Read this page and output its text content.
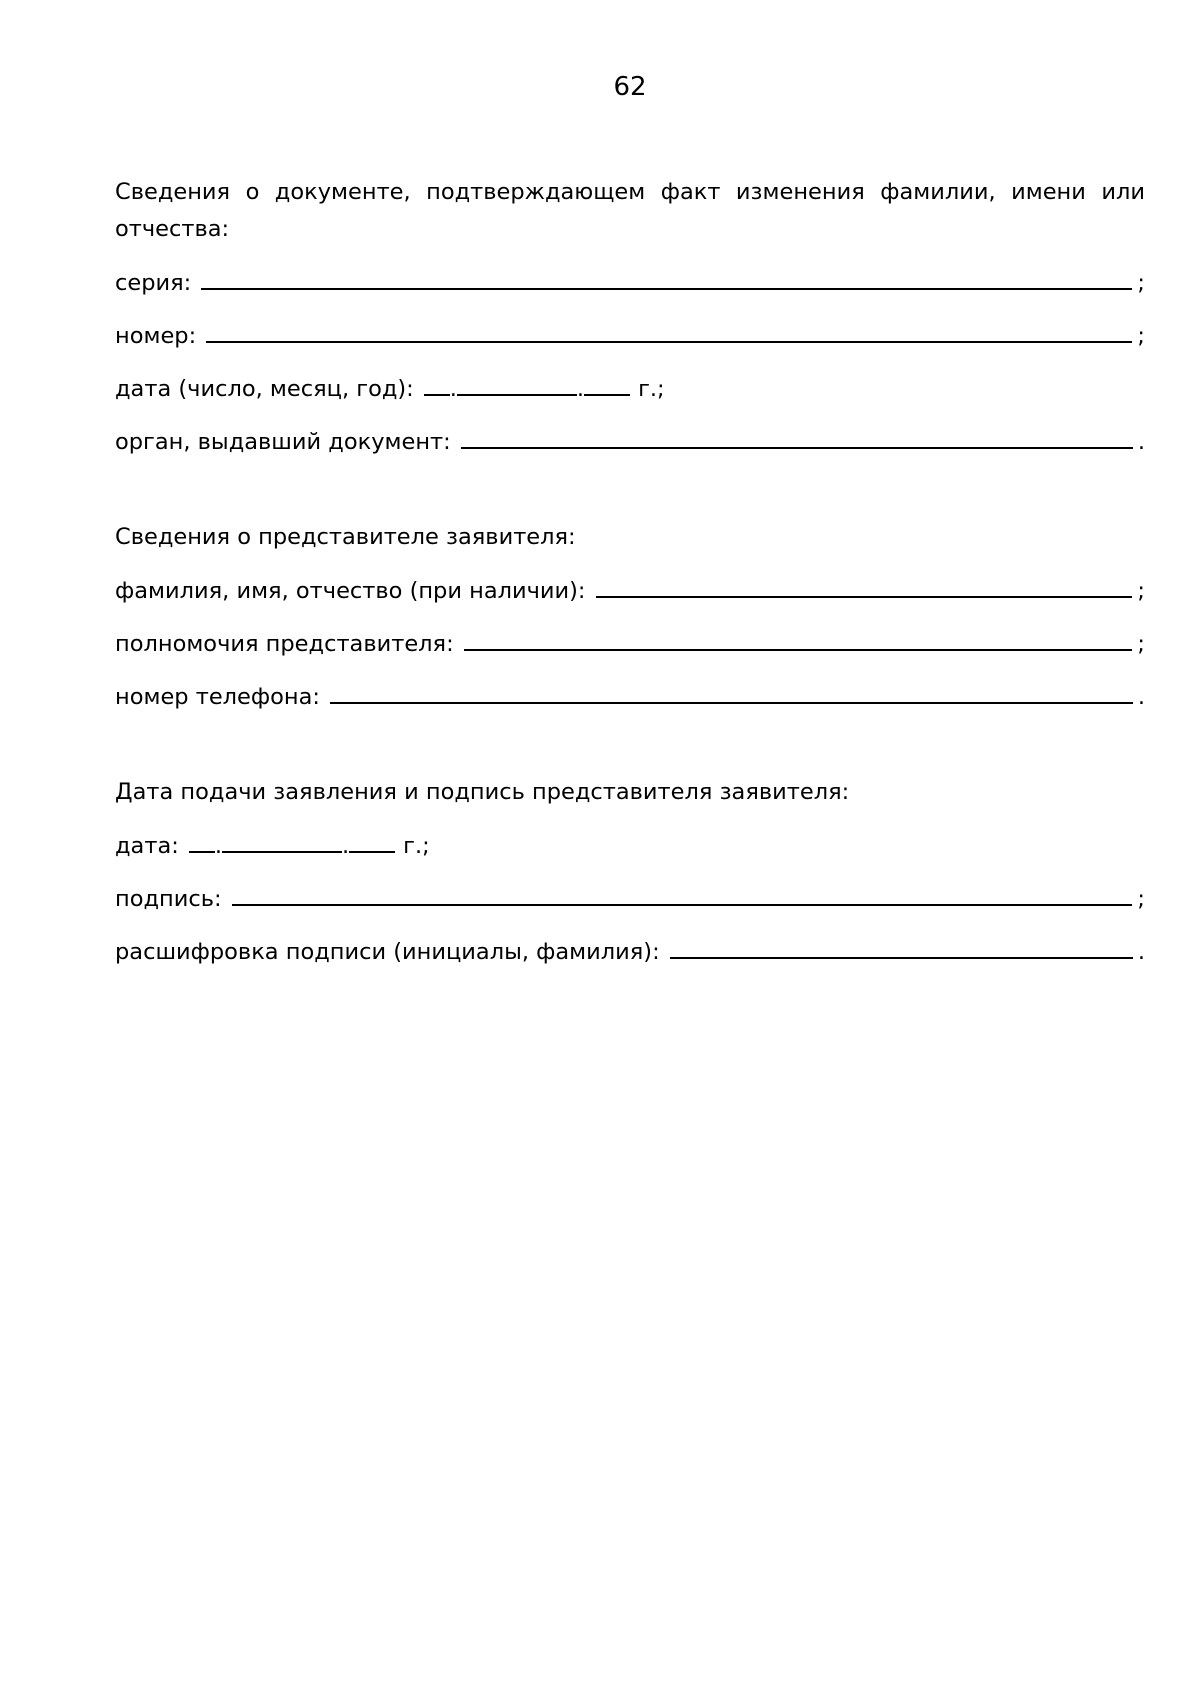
62

Сведения о документе, подтверждающем факт изменения фамилии, имени или отчества:

серия:	;
номер:	;
дата (число, месяц, год): .	. г.;
орган, выдавший документ:	.

Сведения о представителе заявителя:

фамилия, имя, отчество (при наличии):	;
полномочия представителя:	;
номер телефона:	.

Дата подачи заявления и подпись представителя заявителя:

дата: .	. г.;
подпись:	;
расшифровка подписи (инициалы, фамилия):	.
